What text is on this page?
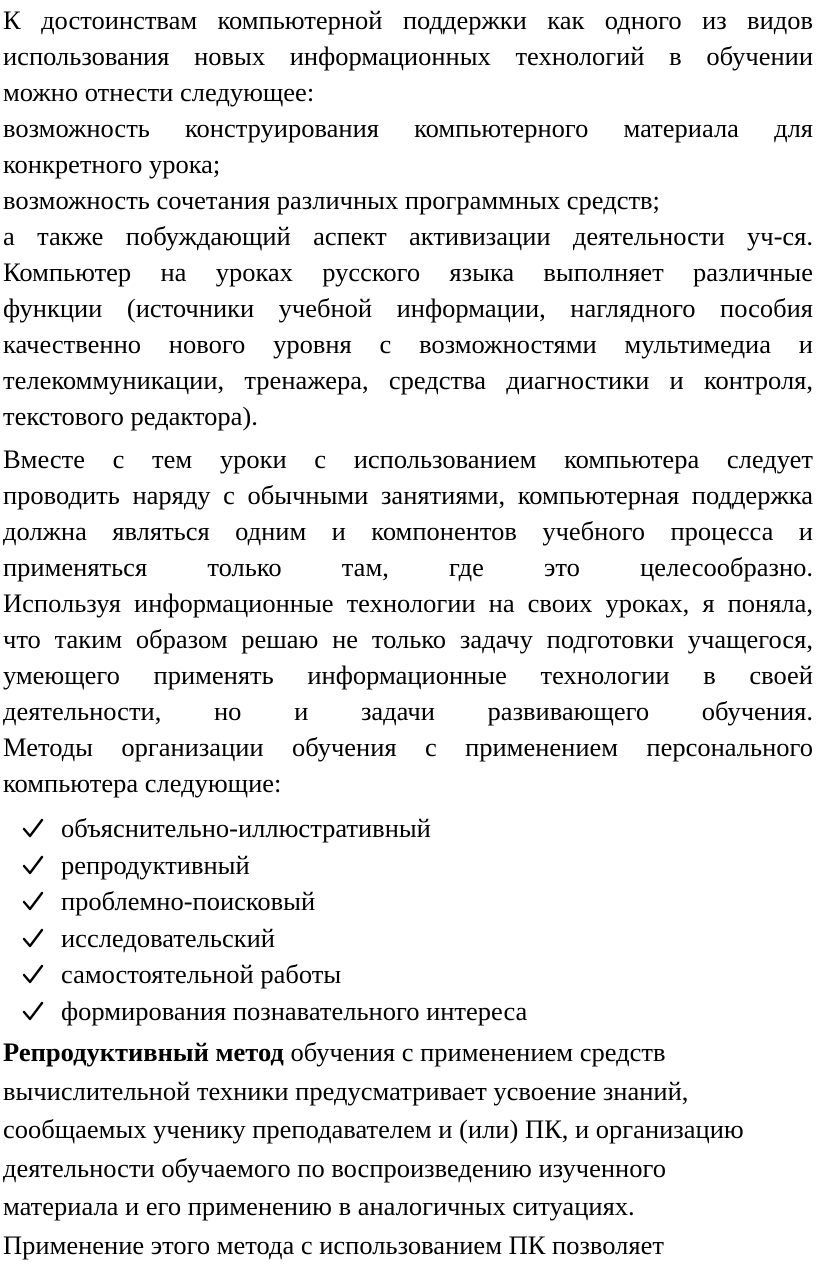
К достоинствам компьютерной поддержки как одного из видов
использования новых информационных технологий в обучении
можно отнести следующее:
возможность конструирования компьютерного материала для
конкретного урока;
возможность сочетания различных программных средств;
а также побуждающий аспект активизации деятельности уч-ся.
Компьютер на уроках русского языка выполняет различные
функции (источники учебной информации, наглядного пособия
качественно нового уровня с возможностями мультимедиа и
телекоммуникации, тренажера, средства диагностики и контроля,
текстового редактора).
Вместе с тем уроки с использованием компьютера следует
проводить наряду с обычными занятиями, компьютерная поддержка
должна являться одним и компонентов учебного процесса и
применяться только там, где это целесообразно.
Используя информационные технологии на своих уроках, я поняла,
что таким образом решаю не только задачу подготовки учащегося,
умеющего применять информационные технологии в своей
деятельности, но и задачи развивающего обучения.
Методы организации обучения с применением персонального
компьютера следующие:
объяснительно-иллюстративный
репродуктивный
проблемно-поисковый
исследовательский
самостоятельной работы
формирования познавательного интереса
Репродуктивный метод обучения с применением средств
вычислительной техники предусматривает усвоение знаний,
сообщаемых ученику преподавателем и (или) ПК, и организацию
деятельности обучаемого по воспроизведению изученного
материала и его применению в аналогичных ситуациях.
Применение этого метода с использованием ПК позволяет
